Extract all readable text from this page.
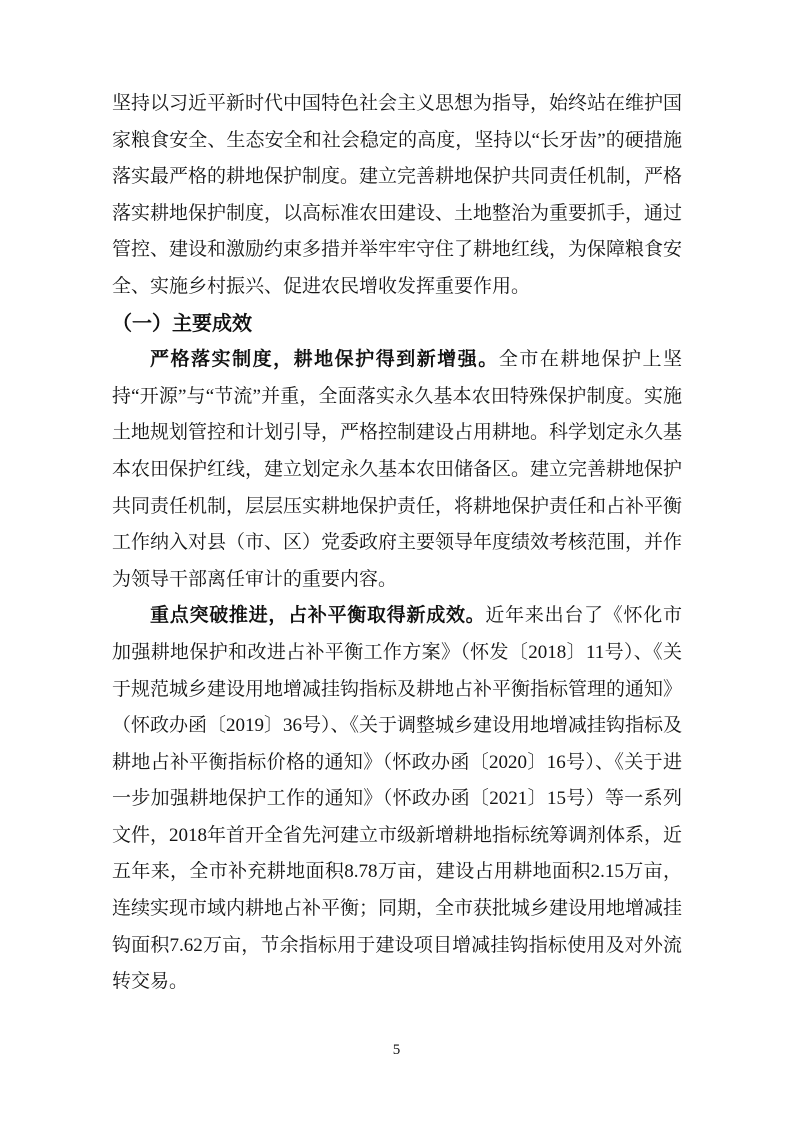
坚持以习近平新时代中国特色社会主义思想为指导，始终站在维护国家粮食安全、生态安全和社会稳定的高度，坚持以“长牙齿”的硬措施落实最严格的耕地保护制度。建立完善耕地保护共同责任机制，严格落实耕地保护制度，以高标准农田建设、土地整治为重要抓手，通过管控、建设和激励约束多措并举牢牢守住了耕地红线，为保障粮食安全、实施乡村振兴、促进农民增收发挥重要作用。

（一）主要成效

严格落实制度，耕地保护得到新增强。全市在耕地保护上坚持“开源”与“节流”并重，全面落实永久基本农田特殊保护制度。实施土地规划管控和计划引导，严格控制建设占用耕地。科学划定永久基本农田保护红线，建立划定永久基本农田储备区。建立完善耕地保护共同责任机制，层层压实耕地保护责任，将耕地保护责任和占补平衡工作纳入对县（市、区）党委政府主要领导年度绩效考核范围，并作为领导干部离任审计的重要内容。

重点突破推进，占补平衡取得新成效。近年来出台了《怀化市加强耕地保护和改进占补平衡工作方案》（怀发〔2018〕11号）、《关于规范城乡建设用地增减挂钩指标及耕地占补平衡指标管理的通知》（怀政办函〔2019〕36号）、《关于调整城乡建设用地增减挂钩指标及耕地占补平衡指标价格的通知》（怀政办函〔2020〕16号）、《关于进一步加强耕地保护工作的通知》（怀政办函〔2021〕15号）等一系列文件，2018年首开全省先河建立市级新增耕地指标统筹调剂体系，近五年来，全市补充耕地面积8.78万亩，建设占用耕地面积2.15万亩，连续实现市域内耕地占补平衡；同期，全市获批城乡建设用地增减挂钩面积7.62万亩，节余指标用于建设项目增减挂钩指标使用及对外流转交易。

5
